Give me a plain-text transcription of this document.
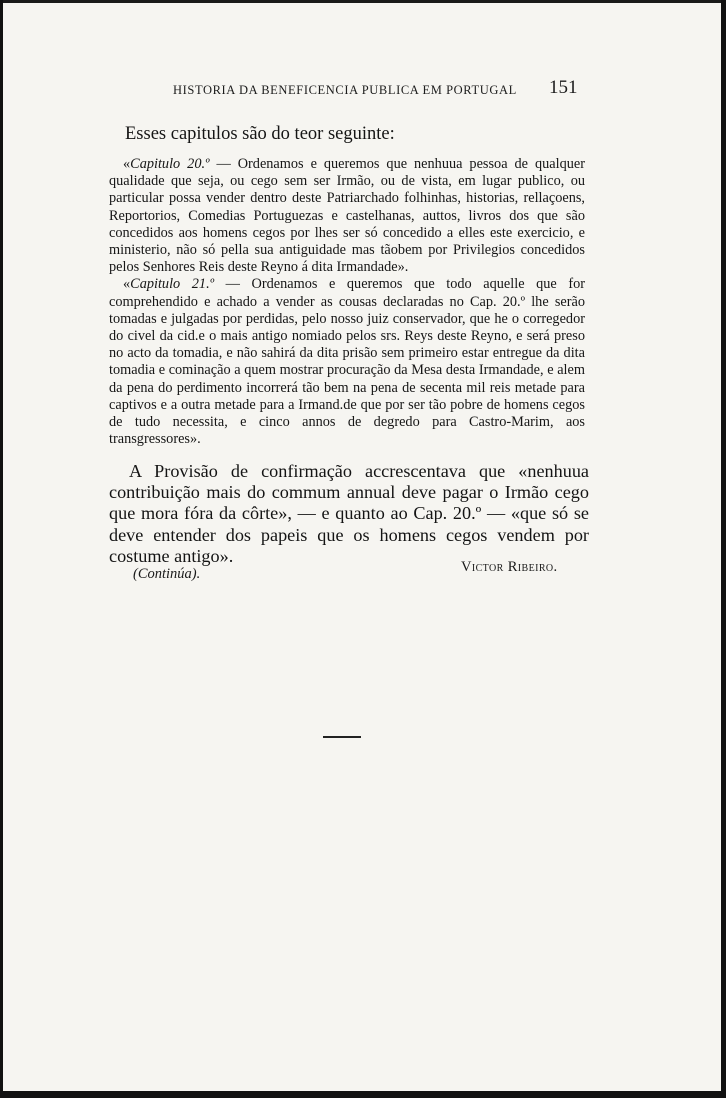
HISTORIA DA BENEFICENCIA PUBLICA EM PORTUGAL 151
Esses capitulos são do teor seguinte:

«Capitulo 20.º — Ordenamos e queremos que nenhuua pessoa de qualquer qualidade que seja, ou cego sem ser Irmão, ou de vista, em lugar publico, ou particular possa vender dentro deste Patriarchado folhinhas, historias, rellaçoens, Reportorios, Comedias Portuguezas e castelhanas, auttos, livros dos que são concedidos aos homens cegos por lhes ser só concedido a elles este exercicio, e ministerio, não só pella sua antiguidade mas tãobem por Privilegios concedidos pelos Senhores Reis deste Reyno á dita Irmandade».

«Capitulo 21.º — Ordenamos e queremos que todo aquelle que for comprehendido e achado a vender as cousas declaradas no Cap. 20.º lhe serão tomadas e julgadas por perdidas, pelo nosso juiz conservador, que he o corregedor do civel da cid.e o mais antigo nomiado pelos srs. Reys deste Reyno, e será preso no acto da tomadia, e não sahirá da dita prisão sem primeiro estar entregue da dita tomadia e cominação a quem mostrar procuração da Mesa desta Irmandade, e alem da pena do perdimento incorrerá tão bem na pena de secenta mil reis metade para captivos e a outra metade para a Irmand.de que por ser tão pobre de homens cegos de tudo necessita, e cinco annos de degredo para Castro-Marim, aos transgressores».

A Provisão de confirmação accrescentava que «nenhuua contribuição mais do commum annual deve pagar o Irmão cego que mora fóra da côrte», — e quanto ao Cap. 20.º — «que só se deve entender dos papeis que os homens cegos vendem por costume antigo».

(Continúa).	Victor Ribeiro.
